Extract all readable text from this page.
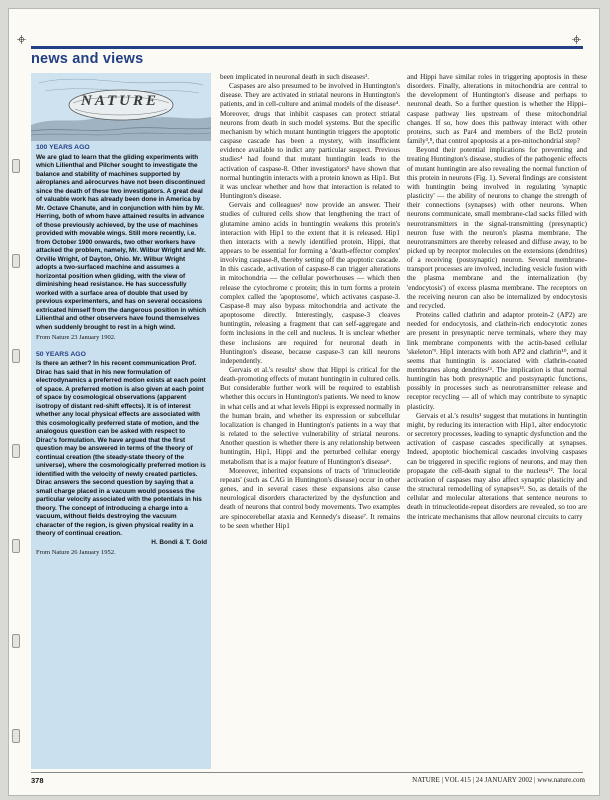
news and views
NATURE
100 YEARS AGO

We are glad to learn that the gliding experiments with which Lilienthal and Pilcher sought to investigate the balance and stability of machines supported by aëroplanes and aërocurves have not been discontinued since the death of these two investigators. A great deal of valuable work has already been done in America by Mr. Octave Chanute, and in conjunction with him by Mr. Herring, both of whom have attained results in advance of those previously achieved, by the use of machines provided with movable wings. Still more recently, i.e. from October 1900 onwards, two other workers have attacked the problem, namely, Mr. Wilbur Wright and Mr. Orville Wright, of Dayton, Ohio. Mr. Wilbur Wright adopts a two-surfaced machine and assumes a horizontal position when gliding, with the view of diminishing head resistance. He has successfully worked with a surface area of double that used by previous experimenters, and has on several occasions extricated himself from the dangerous position in which Lilienthal and other observers have found themselves when suddenly brought to rest in a high wind.

From Nature 23 January 1902.
50 YEARS AGO

Is there an æther? In his recent communication Prof. Dirac has said that in his new formulation of electrodynamics a preferred motion exists at each point of space. A preferred motion is also given at each point of space by cosmological observations (apparent isotropy of distant red-shift effects). It is of interest whether any local physical effects are associated with this cosmologically preferred state of motion, and the analogous question can be asked with respect to Dirac's formulation. We have argued that the first question may be answered in terms of the theory of continual creation (the steady-state theory of the universe), where the cosmologically preferred motion is identified with the velocity of newly created particles. Dirac answers the second question by saying that a small charge placed in a vacuum would possess the particular velocity associated with the potentials in his theory. The concept of introducing a charge into a vacuum, without fields destroying the vacuum character of the region, is given physical reality in a theory of continual creation.

H. Bondi & T. Gold
From Nature 26 January 1952.

been implicated in neuronal death in such diseases³.

Caspases are also presumed to be involved in Huntington's disease. They are activated in striatal neurons in Huntington's patients, and in cell-culture and animal models of the disease⁴. Moreover, drugs that inhibit caspases can protect striatal neurons from death in such model systems. But the specific mechanism by which mutant huntingtin triggers the apoptotic caspase cascade has been a mystery, with insufficient evidence available to indict any particular suspect. Previous studies⁴ had found that mutant huntingtin leads to the activation of caspase-8. Other investigators⁵ have shown that normal huntingtin interacts with a protein known as Hip1. But it was unclear whether and how that interaction is related to Huntington's disease.

Gervais and colleagues¹ now provide an answer. Their studies of cultured cells show that lengthening the tract of glutamine amino acids in huntingtin weakens this protein's interaction with Hip1 to the extent that it is released. Hip1 then interacts with a newly identified protein, Hippi, that appears to be essential for forming a 'death-effector complex' involving caspase-8, thereby setting off the apoptotic cascade. In this cascade, activation of caspase-8 can trigger alterations in mitochondria — the cellular powerhouses — which then release the cytochrome c protein; this in turn forms a protein complex called the 'apoptosome', which activates caspase-3. Caspase-8 may also bypass mitochondria and activate the apoptosome directly. Interestingly, caspase-3 cleaves huntingtin, releasing a fragment that can self-aggregate and form inclusions in the cell and nucleus. It is unclear whether these inclusions are required for neuronal death in Huntington's disease, because caspase-3 can kill neurons independently.

Gervais et al.'s results¹ show that Hippi is critical for the death-promoting effects of mutant huntingtin in cultured cells. But considerable further work will be required to establish whether this occurs in Huntington's patients. We need to know in what cells and at what levels Hippi is expressed normally in the human brain, and whether its expression or subcellular localization is changed in Huntington's patients in a way that is related to the selective vulnerability of striatal neurons. Another question is whether there is any relationship between huntingtin, Hip1, Hippi and the perturbed cellular energy metabolism that is a major feature of Huntington's disease⁶.

Moreover, inherited expansions of tracts of 'trinucleotide repeats' (such as CAG in Huntington's disease) occur in other genes, and in several cases these expansions also cause neurological disorders characterized by the dysfunction and death of neurons that control body movements. Two examples are spinocerebellar ataxia and Kennedy's disease⁷. It remains to be seen whether Hip1

and Hippi have similar roles in triggering apoptosis in these disorders. Finally, alterations in mitochondria are central to the development of Huntington's disease and perhaps to neuronal death. So a further question is whether the Hippi–caspase pathway lies upstream of these mitochondrial changes. If so, how does this pathway interact with other proteins, such as Par4 and members of the Bcl2 protein family³,⁸, that control apoptosis at a pre-mitochondrial step?

Beyond their potential implications for preventing and treating Huntington's disease, studies of the pathogenic effects of mutant huntingtin are also revealing the normal function of this protein in neurons (Fig. 1). Several findings are consistent with huntingtin being involved in regulating 'synaptic plasticity' — the ability of neurons to change the strength of their connections (synapses) with other neurons. When neurons communicate, small membrane-clad sacks filled with neurotransmitters in the signal-transmitting (presynaptic) neuron fuse with the neuron's plasma membrane. The neurotransmitters are thereby released and diffuse away, to be picked up by receptor molecules on the extensions (dendrites) of a receiving (postsynaptic) neuron. Several membrane-transport processes are involved, including vesicle fusion with the plasma membrane and the internalization (by 'endocytosis') of excess plasma membrane. The receptors on the receiving neuron can also be internalized by endocytosis and recycled.

Proteins called clathrin and adaptor protein-2 (AP2) are needed for endocytosis, and clathrin-rich endocytotic zones are present in presynaptic nerve terminals, where they may link membrane components with the actin-based cellular 'skeleton'⁹. Hip1 interacts with both AP2 and clathrin¹⁰, and it seems that huntingtin is associated with clathrin-coated membranes along dendrites¹¹. The implication is that normal huntingtin has both presynaptic and postsynaptic functions, possibly in processes such as neurotransmitter release and receptor recycling — all of which may contribute to synaptic plasticity.

Gervais et al.'s results¹ suggest that mutations in huntingtin might, by reducing its interaction with Hip1, alter endocytotic or secretory processes, leading to synaptic dysfunction and the activation of caspase cascades specifically at synapses. Indeed, apoptotic biochemical cascades involving caspases can be triggered in specific regions of neurons, and may then propagate the cell-death signal to the nucleus¹². The local activation of caspases may also affect synaptic plasticity and the structural remodelling of synapses¹³. So, as details of the cellular and molecular alterations that sentence neurons to death in trinucleotide-repeat disorders are revealed, so too are the intricate mechanisms that allow neuronal circuits to carry

378	NATURE | VOL 415 | 24 JANUARY 2002 | www.nature.com
